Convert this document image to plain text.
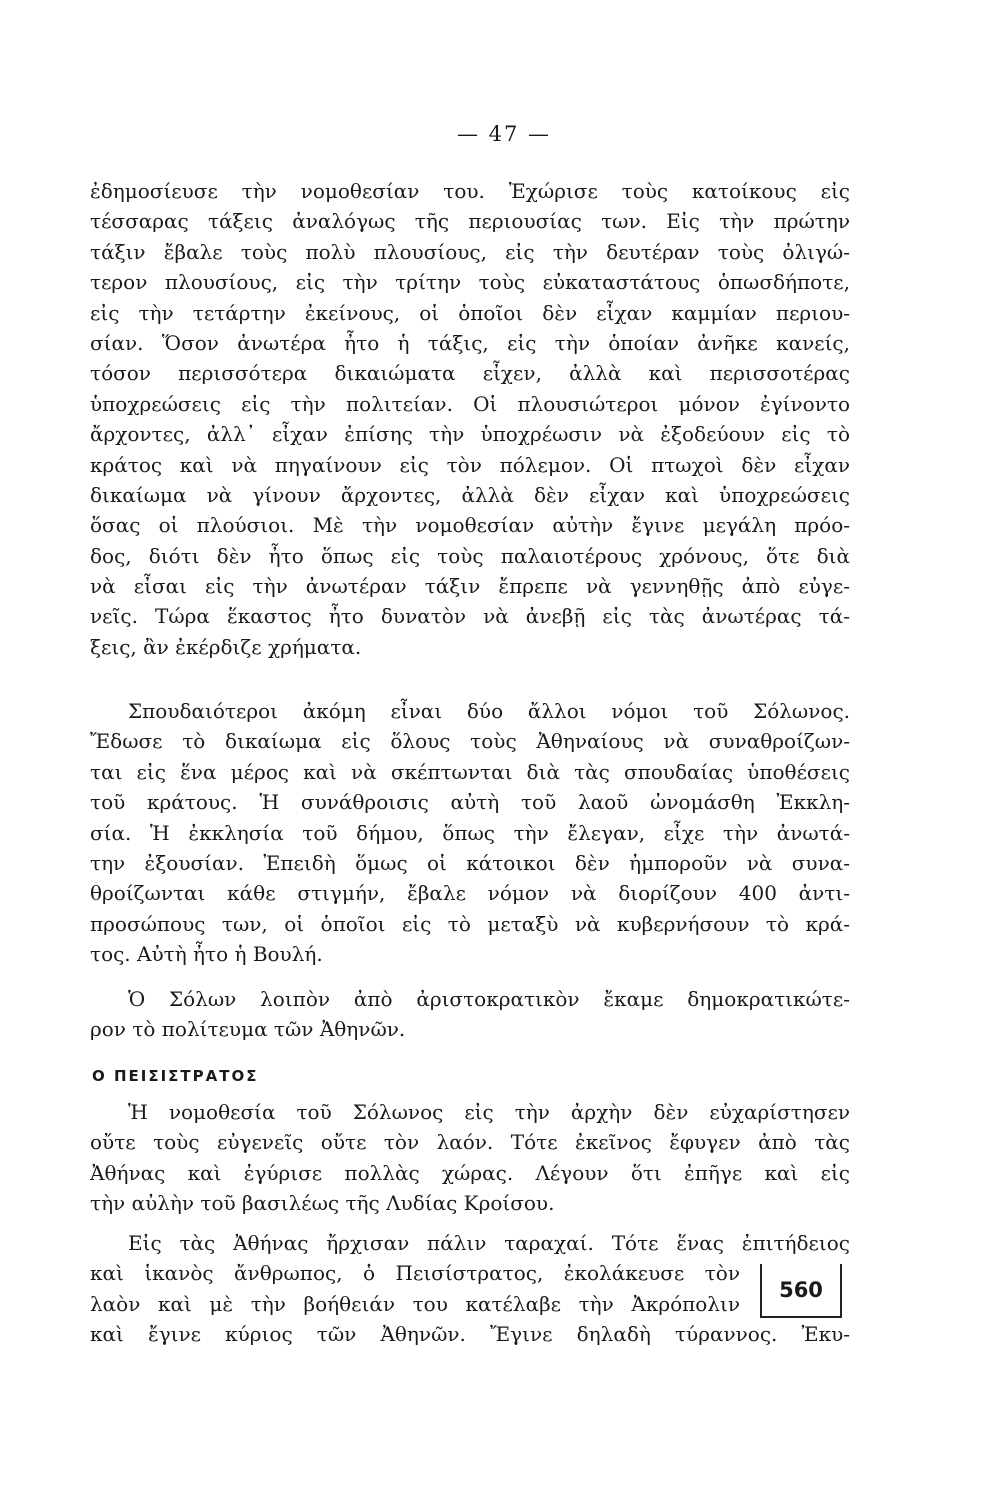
— 47 —
ἐδημοσίευσε τὴν νομοθεσίαν του. Ἐχώρισε τοὺς κατοίκους εἰς
τέσσαρας τάξεις ἀναλόγως τῆς περιουσίας των. Εἰς τὴν πρώτην
τάξιν ἔβαλε τοὺς πολὺ πλουσίους, εἰς τὴν δευτέραν τοὺς ὀλιγώ-
τερον πλουσίους, εἰς τὴν τρίτην τοὺς εὐκαταστάτους ὁπωσδήποτε,
εἰς τὴν τετάρτην ἐκείνους, οἱ ὁποῖοι δὲν εἶχαν καμμίαν περιου-
σίαν. Ὅσον ἀνωτέρα ἦτο ἡ τάξις, εἰς τὴν ὁποίαν ἀνῆκε κανείς,
τόσον περισσότερα δικαιώματα εἶχεν, ἀλλὰ καὶ περισσοτέρας
ὑποχρεώσεις εἰς τὴν πολιτείαν. Οἱ πλουσιώτεροι μόνον ἐγίνοντο
ἄρχοντες, ἀλλ᾿ εἶχαν ἐπίσης τὴν ὑποχρέωσιν νὰ ἐξοδεύουν εἰς τὸ
κράτος καὶ νὰ πηγαίνουν εἰς τὸν πόλεμον. Οἱ πτωχοὶ δὲν εἶχαν
δικαίωμα νὰ γίνουν ἄρχοντες, ἀλλὰ δὲν εἶχαν καὶ ὑποχρεώσεις
ὅσας οἱ πλούσιοι. Μὲ τὴν νομοθεσίαν αὐτὴν ἔγινε μεγάλη πρόο-
δος, διότι δὲν ἦτο ὅπως εἰς τοὺς παλαιοτέρους χρόνους, ὅτε διὰ
νὰ εἶσαι εἰς τὴν ἀνωτέραν τάξιν ἔπρεπε νὰ γεννηθῇς ἀπὸ εὐγε-
νεῖς. Τώρα ἕκαστος ἦτο δυνατὸν νὰ ἀνεβῇ εἰς τὰς ἀνωτέρας τά-
ξεις, ἂν ἐκέρδιζε χρήματα.
Σπουδαιότεροι ἀκόμη εἶναι δύο ἄλλοι νόμοι τοῦ Σόλωνος.
Ἔδωσε τὸ δικαίωμα εἰς ὅλους τοὺς Ἀθηναίους νὰ συναθροίζων-
ται εἰς ἕνα μέρος καὶ νὰ σκέπτωνται διὰ τὰς σπουδαίας ὑποθέσεις
τοῦ κράτους. Ἡ συνάθροισις αὐτὴ τοῦ λαοῦ ὠνομάσθη Ἐκκλη-
σία. Ἡ ἐκκλησία τοῦ δήμου, ὅπως τὴν ἔλεγαν, εἶχε τὴν ἀνωτά-
την ἐξουσίαν. Ἐπειδὴ ὅμως οἱ κάτοικοι δὲν ἠμποροῦν νὰ συνα-
θροίζωνται κάθε στιγμήν, ἔβαλε νόμον νὰ διορίζουν 400 ἀντι-
προσώπους των, οἱ ὁποῖοι εἰς τὸ μεταξὺ νὰ κυβερνήσουν τὸ κρά-
τος. Αὐτὴ ἦτο ἡ Βουλή.
Ὁ Σόλων λοιπὸν ἀπὸ ἀριστοκρατικὸν ἔκαμε δημοκρατικώτε-
ρον τὸ πολίτευμα τῶν Ἀθηνῶν.
Ο ΠΕΙΣΙΣΤΡΑΤΟΣ
Ἡ νομοθεσία τοῦ Σόλωνος εἰς τὴν ἀρχὴν δὲν εὐχαρίστησεν
οὔτε τοὺς εὐγενεῖς οὔτε τὸν λαόν. Τότε ἐκεῖνος ἔφυγεν ἀπὸ τὰς
Ἀθήνας καὶ ἐγύρισε πολλὰς χώρας. Λέγουν ὅτι ἐπῆγε καὶ εἰς
τὴν αὐλὴν τοῦ βασιλέως τῆς Λυδίας Κροίσου.
Εἰς τὰς Ἀθήνας ἤρχισαν πάλιν ταραχαί. Τότε ἕνας ἐπιτήδειος
καὶ ἱκανὸς ἄνθρωπος, ὁ Πεισίστρατος, ἐκολάκευσε τὸν
λαὸν καὶ μὲ τὴν βοήθειάν του κατέλαβε τὴν Ἀκρόπολιν
καὶ ἔγινε κύριος τῶν Ἀθηνῶν. Ἔγινε δηλαδὴ τύραννος. Ἐκυ-
560
